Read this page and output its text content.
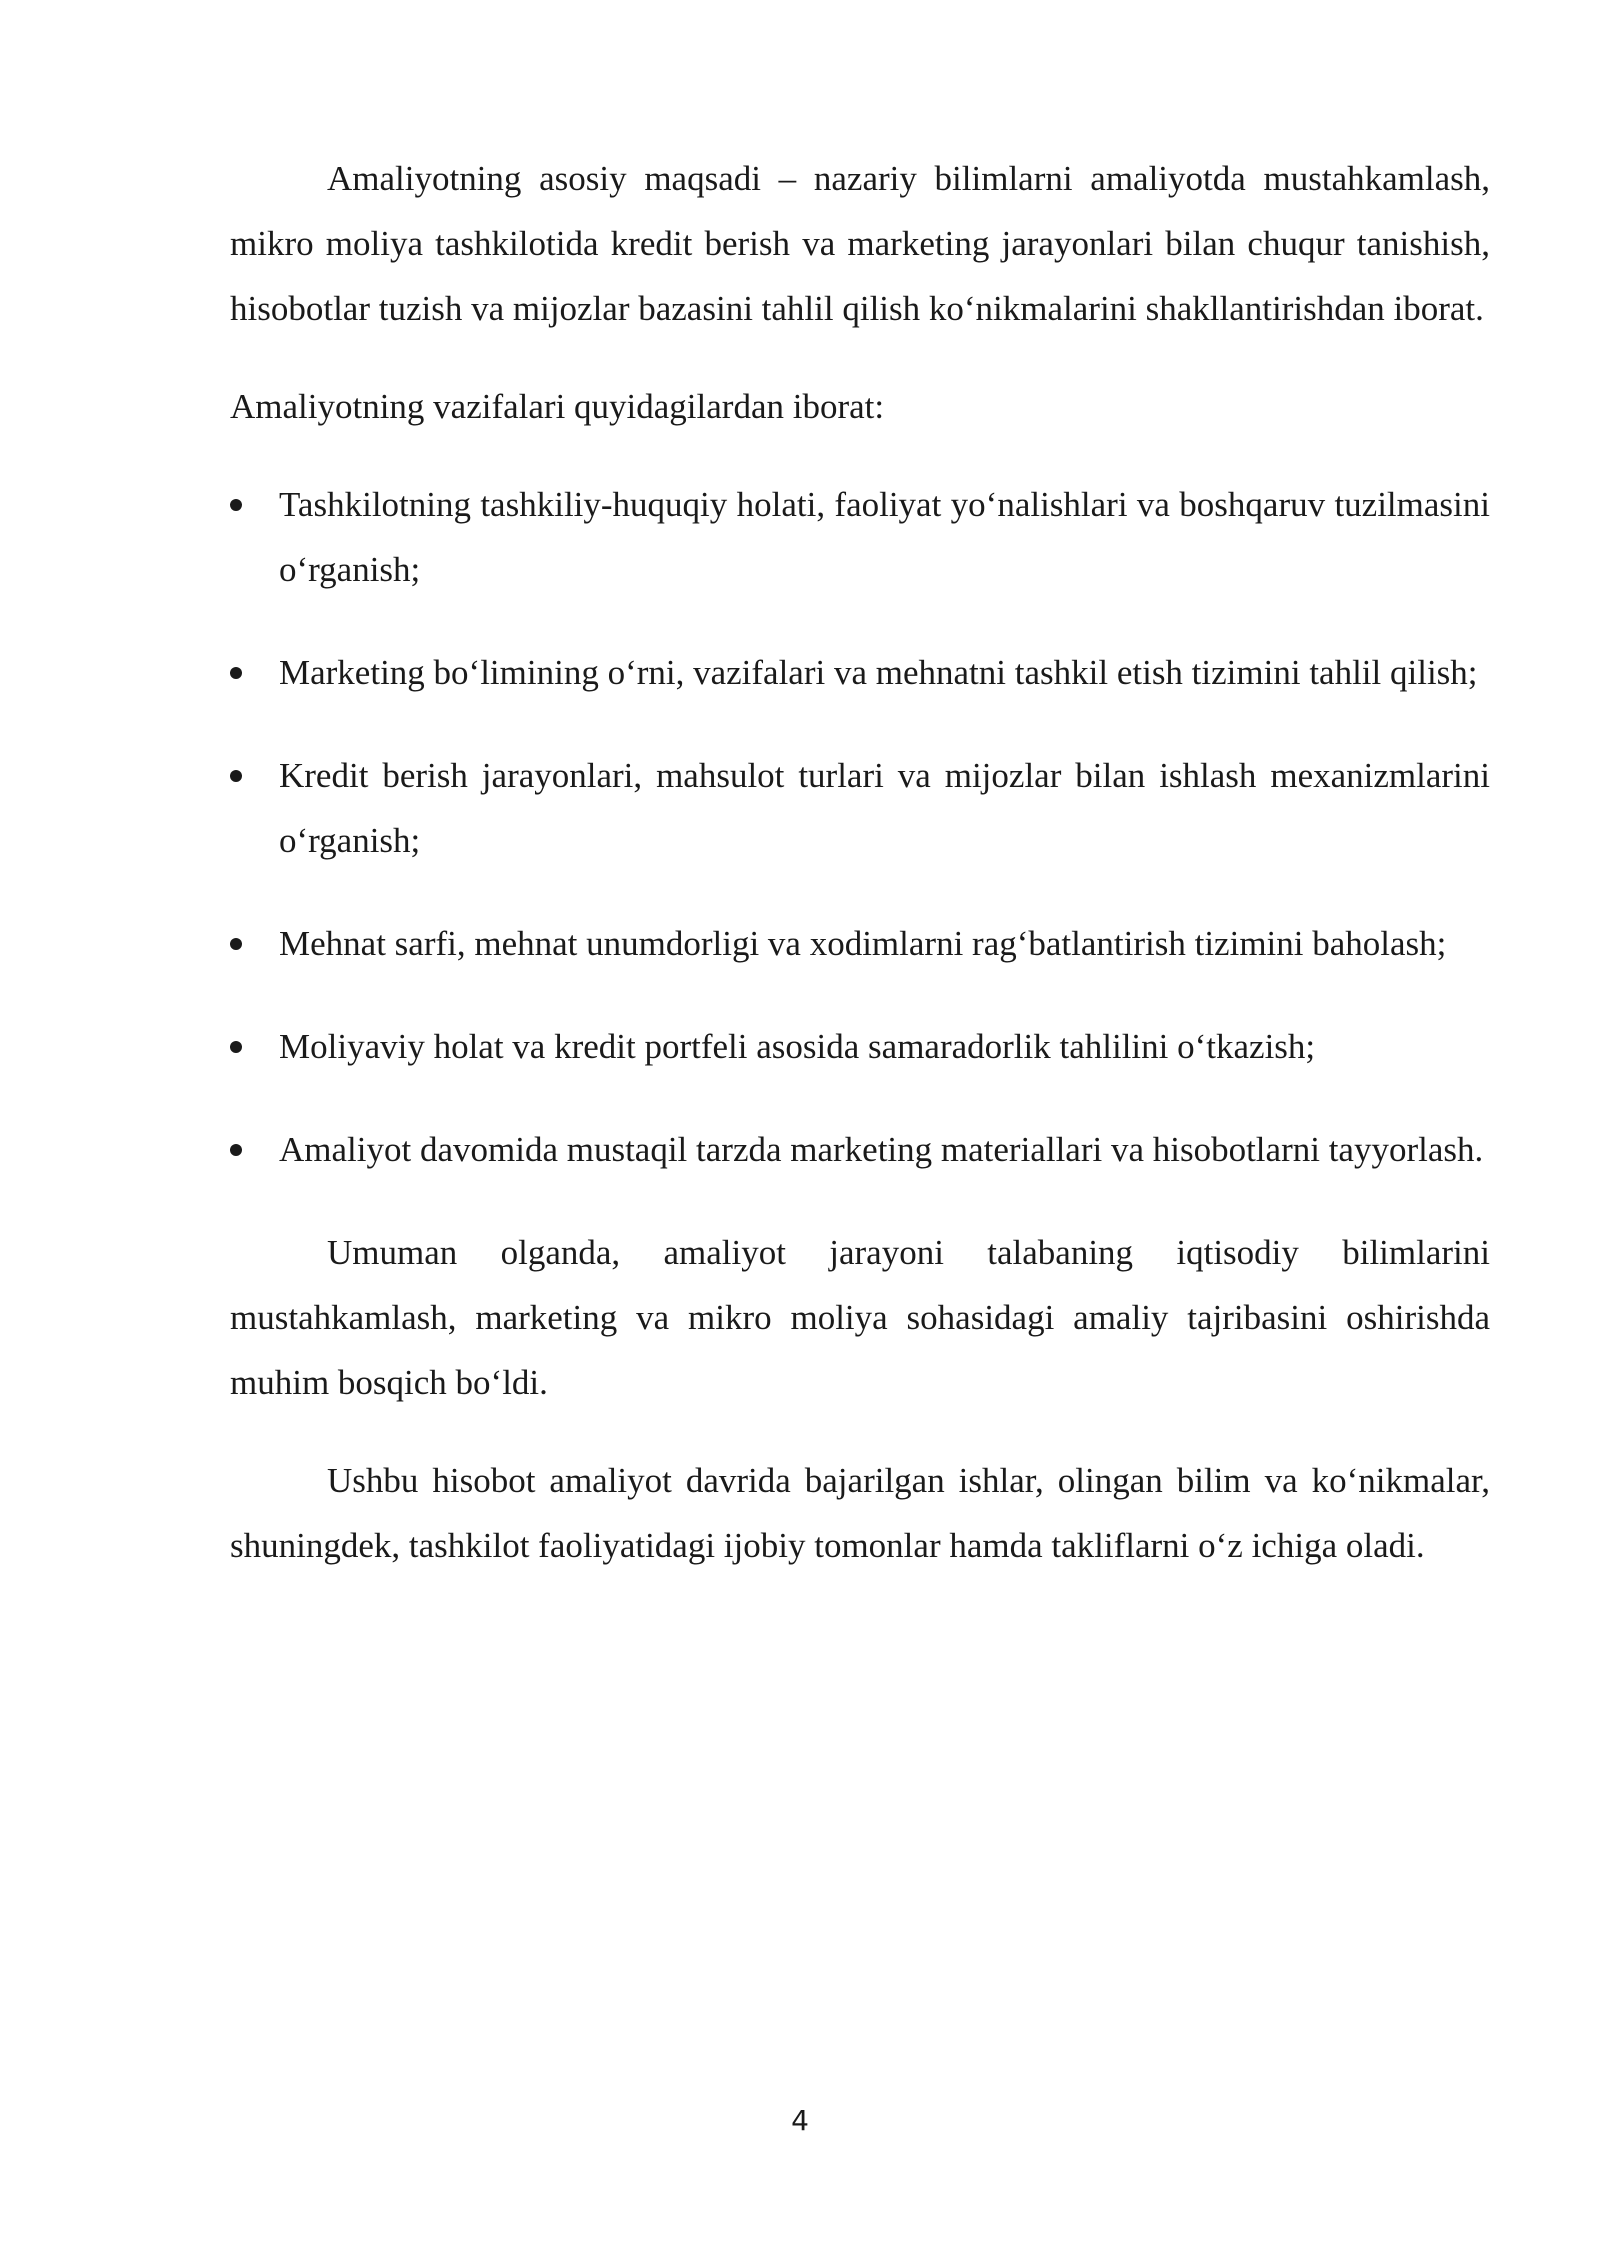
Amaliyotning asosiy maqsadi – nazariy bilimlarni amaliyotda mustahkamlash, mikro moliya tashkilotida kredit berish va marketing jarayonlari bilan chuqur tanishish, hisobotlar tuzish va mijozlar bazasini tahlil qilish ko‘nikmalarini shakllantirishdan iborat.

Amaliyotning vazifalari quyidagilardan iborat:

Tashkilotning tashkiliy-huquqiy holati, faoliyat yo‘nalishlari va boshqaruv tuzilmasini o‘rganish;
Marketing bo‘limining o‘rni, vazifalari va mehnatni tashkil etish tizimini tahlil qilish;
Kredit berish jarayonlari, mahsulot turlari va mijozlar bilan ishlash mexanizmlarini o‘rganish;
Mehnat sarfi, mehnat unumdorligi va xodimlarni rag‘batlantirish tizimini baholash;
Moliyaviy holat va kredit portfeli asosida samaradorlik tahlilini o‘tkazish;
Amaliyot davomida mustaqil tarzda marketing materiallari va hisobotlarni tayyorlash.

Umuman olganda, amaliyot jarayoni talabaning iqtisodiy bilimlarini mustahkamlash, marketing va mikro moliya sohasidagi amaliy tajribasini oshirishda muhim bosqich bo‘ldi.

Ushbu hisobot amaliyot davrida bajarilgan ishlar, olingan bilim va ko‘nikmalar, shuningdek, tashkilot faoliyatidagi ijobiy tomonlar hamda takliflarni o‘z ichiga oladi.

4
